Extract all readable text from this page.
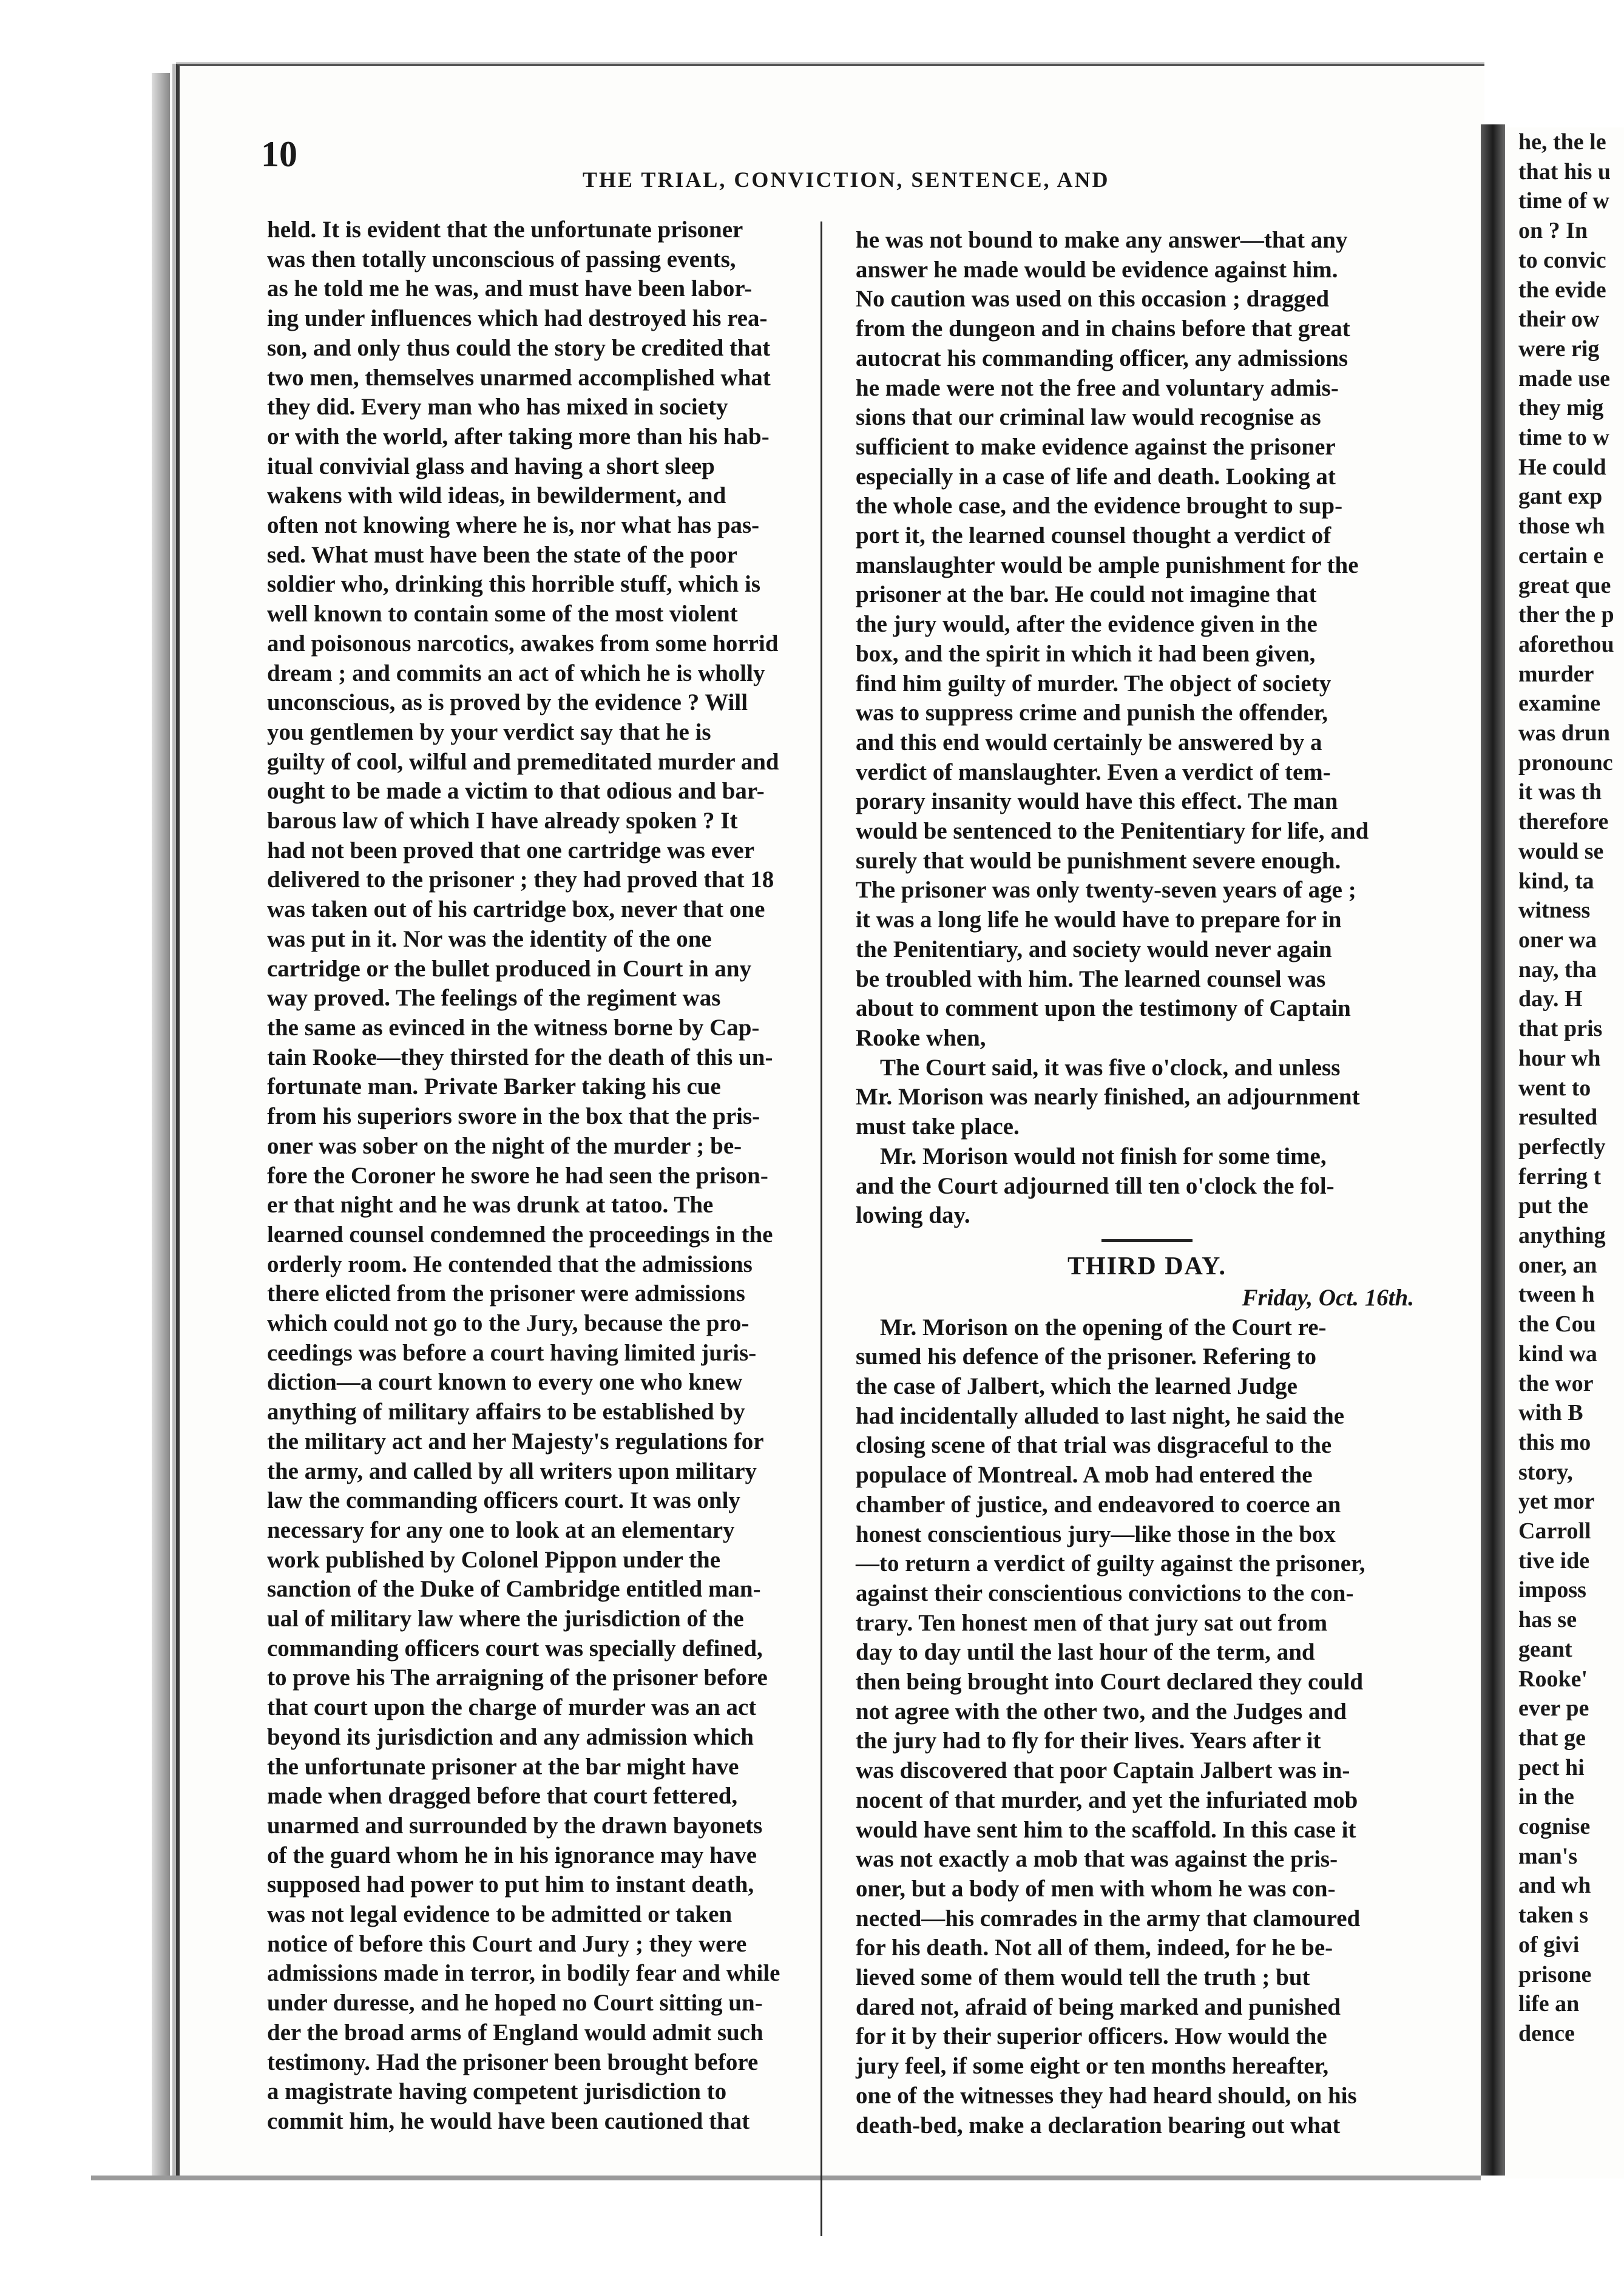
he, the le
that his u
time of w
on ? In
to convic
the evide
their ow
were rig
made use
they mig
time to w
He could
gant exp
those wh
certain e
great que
ther the p
aforethou
murder
examine
was drun
pronounc
it was th
therefore
would se
kind, ta
witness
oner wa
nay, tha
day. H
that pris
hour wh
went to
resulted
perfectly
ferring t
put the
anything
oner, an
tween h
the Cou
kind wa
the wor
with B
this mo
story,
yet mor
Carroll
tive ide
imposs
has se
geant
Rooke'
ever pe
that ge
pect hi
in the
cognise
man's
and wh
taken s
of givi
prisone
life an
dence
10
THE TRIAL, CONVICTION, SENTENCE, AND
held. It is evident that the unfortunate prisoner
was then totally unconscious of passing events,
as he told me he was, and must have been labor-
ing under influences which had destroyed his rea-
son, and only thus could the story be credited that
two men, themselves unarmed accomplished what
they did. Every man who has mixed in society
or with the world, after taking more than his hab-
itual convivial glass and having a short sleep
wakens with wild ideas, in bewilderment, and
often not knowing where he is, nor what has pas-
sed. What must have been the state of the poor
soldier who, drinking this horrible stuff, which is
well known to contain some of the most violent
and poisonous narcotics, awakes from some horrid
dream ; and commits an act of which he is wholly
unconscious, as is proved by the evidence ? Will
you gentlemen by your verdict say that he is
guilty of cool, wilful and premeditated murder and
ought to be made a victim to that odious and bar-
barous law of which I have already spoken ? It
had not been proved that one cartridge was ever
delivered to the prisoner ; they had proved that 18
was taken out of his cartridge box, never that one
was put in it. Nor was the identity of the one
cartridge or the bullet produced in Court in any
way proved. The feelings of the regiment was
the same as evinced in the witness borne by Cap-
tain Rooke—they thirsted for the death of this un-
fortunate man. Private Barker taking his cue
from his superiors swore in the box that the pris-
oner was sober on the night of the murder ; be-
fore the Coroner he swore he had seen the prison-
er that night and he was drunk at tatoo. The
learned counsel condemned the proceedings in the
orderly room. He contended that the admissions
there elicted from the prisoner were admissions
which could not go to the Jury, because the pro-
ceedings was before a court having limited juris-
diction—a court known to every one who knew
anything of military affairs to be established by
the military act and her Majesty's regulations for
the army, and called by all writers upon military
law the commanding officers court. It was only
necessary for any one to look at an elementary
work published by Colonel Pippon under the
sanction of the Duke of Cambridge entitled man-
ual of military law where the jurisdiction of the
commanding officers court was specially defined,
to prove his The arraigning of the prisoner before
that court upon the charge of murder was an act
beyond its jurisdiction and any admission which
the unfortunate prisoner at the bar might have
made when dragged before that court fettered,
unarmed and surrounded by the drawn bayonets
of the guard whom he in his ignorance may have
supposed had power to put him to instant death,
was not legal evidence to be admitted or taken
notice of before this Court and Jury ; they were
admissions made in terror, in bodily fear and while
under duresse, and he hoped no Court sitting un-
der the broad arms of England would admit such
testimony. Had the prisoner been brought before
a magistrate having competent jurisdiction to
commit him, he would have been cautioned that
he was not bound to make any answer—that any
answer he made would be evidence against him.
No caution was used on this occasion ; dragged
from the dungeon and in chains before that great
autocrat his commanding officer, any admissions
he made were not the free and voluntary admis-
sions that our criminal law would recognise as
sufficient to make evidence against the prisoner
especially in a case of life and death. Looking at
the whole case, and the evidence brought to sup-
port it, the learned counsel thought a verdict of
manslaughter would be ample punishment for the
prisoner at the bar. He could not imagine that
the jury would, after the evidence given in the
box, and the spirit in which it had been given,
find him guilty of murder. The object of society
was to suppress crime and punish the offender,
and this end would certainly be answered by a
verdict of manslaughter. Even a verdict of tem-
porary insanity would have this effect. The man
would be sentenced to the Penitentiary for life, and
surely that would be punishment severe enough.
The prisoner was only twenty-seven years of age ;
it was a long life he would have to prepare for in
the Penitentiary, and society would never again
be troubled with him. The learned counsel was
about to comment upon the testimony of Captain
Rooke when,
The Court said, it was five o'clock, and unless
Mr. Morison was nearly finished, an adjournment
must take place.
Mr. Morison would not finish for some time,
and the Court adjourned till ten o'clock the fol-
lowing day.
THIRD DAY.
Friday, Oct. 16th.
Mr. Morison on the opening of the Court re-
sumed his defence of the prisoner. Refering to
the case of Jalbert, which the learned Judge
had incidentally alluded to last night, he said the
closing scene of that trial was disgraceful to the
populace of Montreal. A mob had entered the
chamber of justice, and endeavored to coerce an
honest conscientious jury—like those in the box
—to return a verdict of guilty against the prisoner,
against their conscientious convictions to the con-
trary. Ten honest men of that jury sat out from
day to day until the last hour of the term, and
then being brought into Court declared they could
not agree with the other two, and the Judges and
the jury had to fly for their lives. Years after it
was discovered that poor Captain Jalbert was in-
nocent of that murder, and yet the infuriated mob
would have sent him to the scaffold. In this case it
was not exactly a mob that was against the pris-
oner, but a body of men with whom he was con-
nected—his comrades in the army that clamoured
for his death. Not all of them, indeed, for he be-
lieved some of them would tell the truth ; but
dared not, afraid of being marked and punished
for it by their superior officers. How would the
jury feel, if some eight or ten months hereafter,
one of the witnesses they had heard should, on his
death-bed, make a declaration bearing out what
